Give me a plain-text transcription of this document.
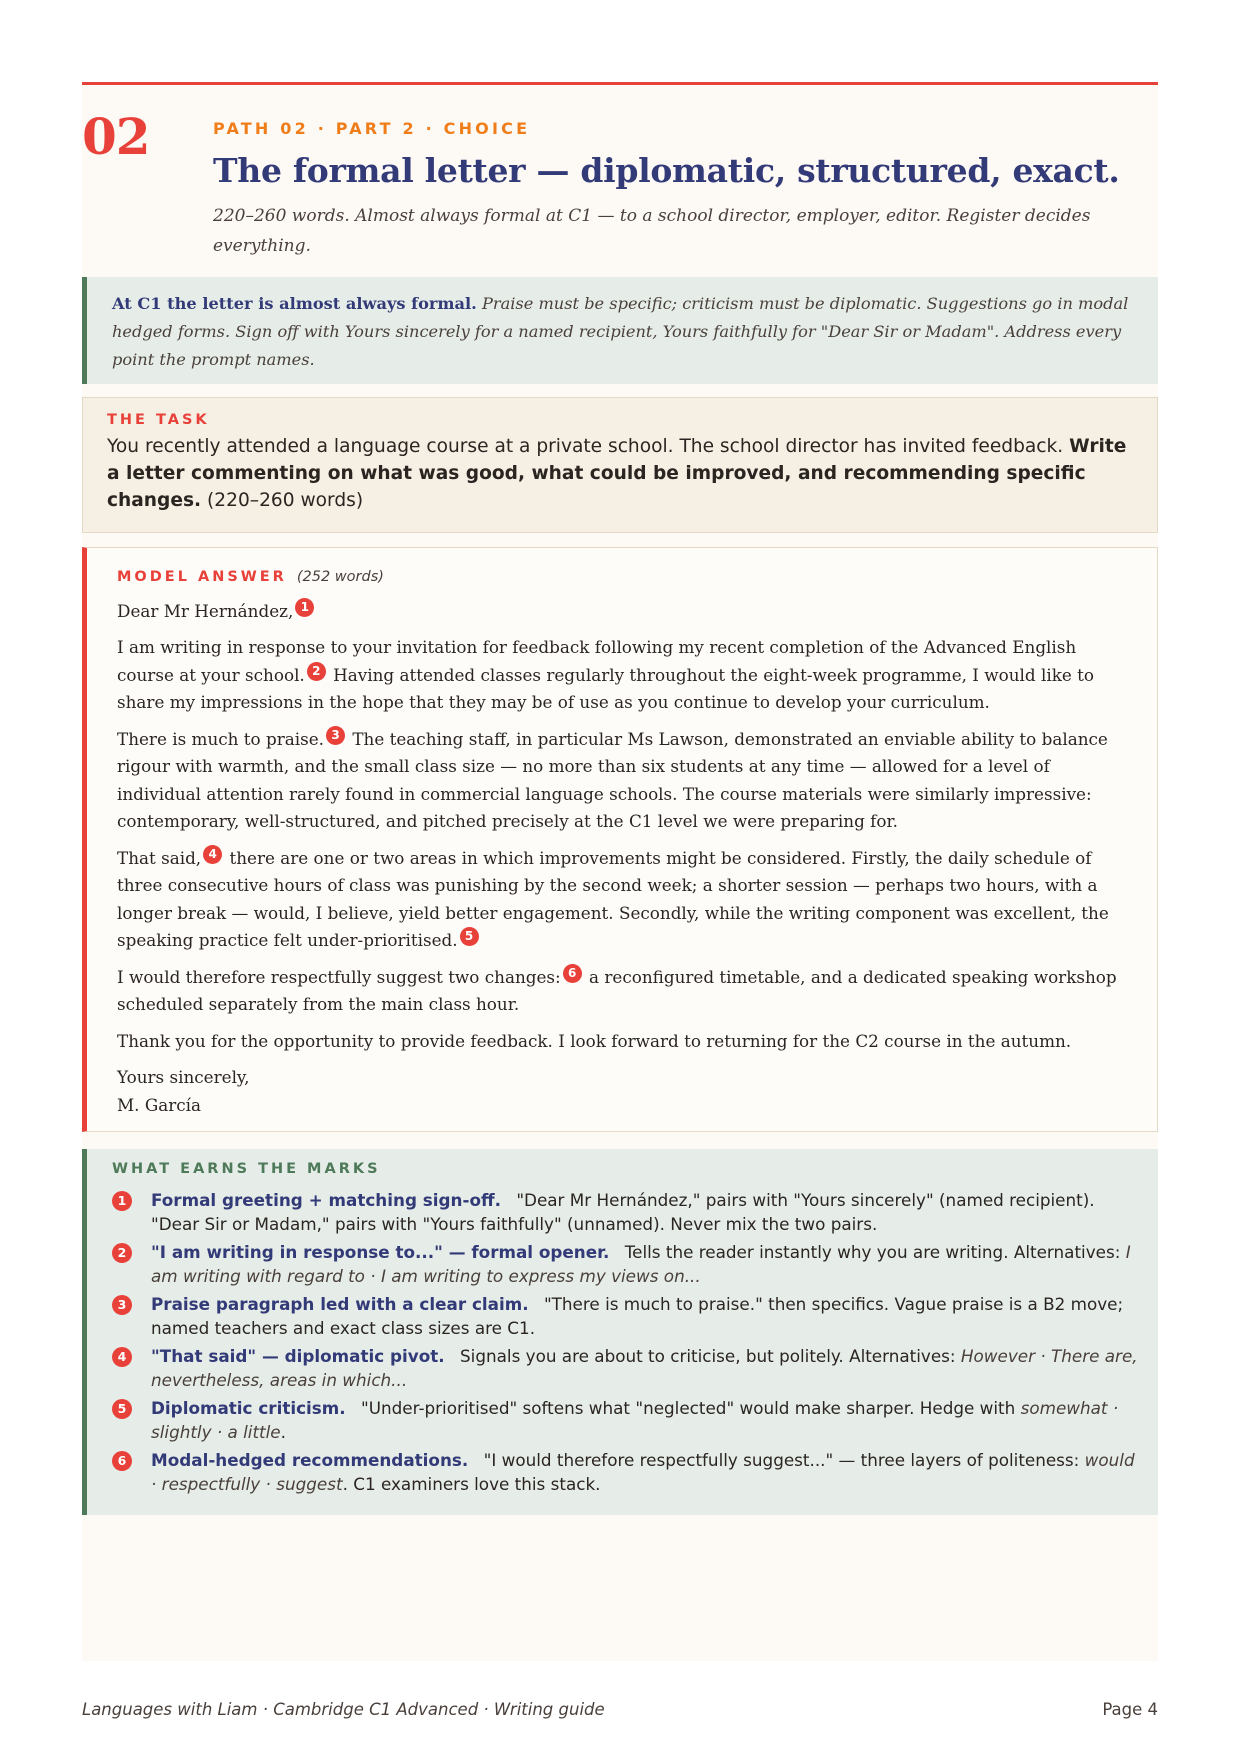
02	PATH 02 · PART 2 · CHOICE
The formal letter — diplomatic, structured, exact.

220–260 words. Almost always formal at C1 — to a school director, employer, editor. Register decides everything.

At C1 the letter is almost always formal. Praise must be specific; criticism must be diplomatic. Suggestions go in modal hedged forms. Sign off with Yours sincerely for a named recipient, Yours faithfully for "Dear Sir or Madam". Address every point the prompt names.
THE TASK
You recently attended a language course at a private school. The school director has invited feedback. Write a letter commenting on what was good, what could be improved, and recommending specific changes. (220–260 words)
MODEL ANSWER (252 words)

Dear Mr Hernández, 1

I am writing in response to your invitation for feedback following my recent completion of the Advanced English course at your school. 2 Having attended classes regularly throughout the eight-week programme, I would like to share my impressions in the hope that they may be of use as you continue to develop your curriculum.

There is much to praise. 3 The teaching staff, in particular Ms Lawson, demonstrated an enviable ability to balance rigour with warmth, and the small class size — no more than six students at any time — allowed for a level of individual attention rarely found in commercial language schools. The course materials were similarly impressive: contemporary, well-structured, and pitched precisely at the C1 level we were preparing for.

That said, 4 there are one or two areas in which improvements might be considered. Firstly, the daily schedule of three consecutive hours of class was punishing by the second week; a shorter session — perhaps two hours, with a longer break — would, I believe, yield better engagement. Secondly, while the writing component was excellent, the speaking practice felt under-prioritised. 5

I would therefore respectfully suggest two changes: 6 a reconfigured timetable, and a dedicated speaking workshop scheduled separately from the main class hour.

Thank you for the opportunity to provide feedback. I look forward to returning for the C2 course in the autumn.

Yours sincerely,
M. García
WHAT EARNS THE MARKS
1	Formal greeting + matching sign-off. "Dear Mr Hernández," pairs with "Yours sincerely" (named recipient). "Dear Sir or Madam," pairs with "Yours faithfully" (unnamed). Never mix the two pairs.
2	"I am writing in response to..." — formal opener. Tells the reader instantly why you are writing. Alternatives: I am writing with regard to · I am writing to express my views on...
3	Praise paragraph led with a clear claim. "There is much to praise." then specifics. Vague praise is a B2 move; named teachers and exact class sizes are C1.
4	"That said" — diplomatic pivot. Signals you are about to criticise, but politely. Alternatives: However · There are, nevertheless, areas in which...
5	Diplomatic criticism. "Under-prioritised" softens what "neglected" would make sharper. Hedge with somewhat · slightly · a little.
6	Modal-hedged recommendations. "I would therefore respectfully suggest..." — three layers of politeness: would · respectfully · suggest. C1 examiners love this stack.
Languages with Liam · Cambridge C1 Advanced · Writing guide	Page 4
